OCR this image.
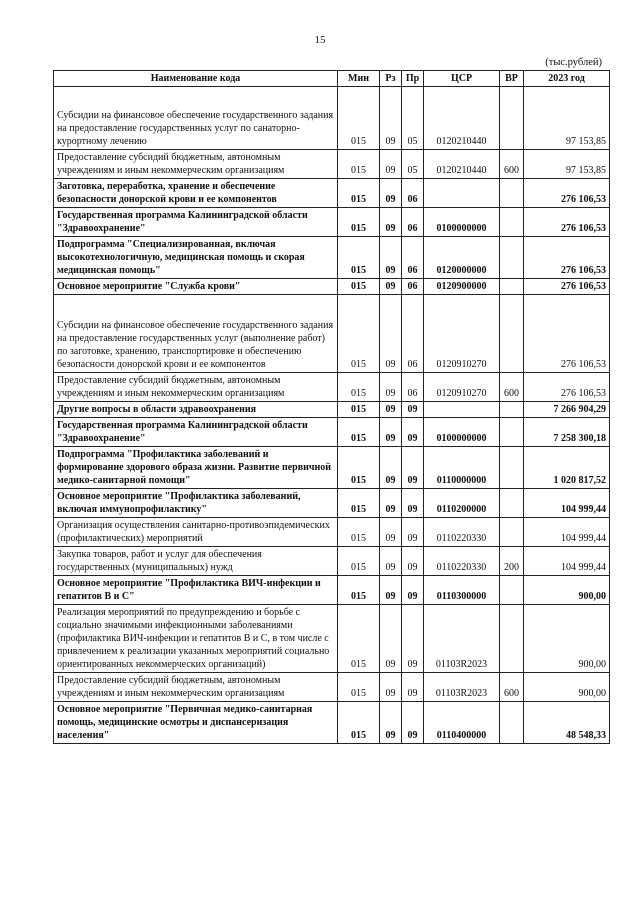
15
(тыс.рублей)
Наименование кода	Мин	Рз	Пр	ЦСР	ВР	2023 год
Субсидии на финансовое обеспечение государственного задания на предоставление государственных услуг по санаторно-курортному лечению	015	09	05	0120210440		97 153,85
Предоставление субсидий бюджетным, автономным учреждениям и иным некоммерческим организациям	015	09	05	0120210440	600	97 153,85
Заготовка, переработка, хранение и обеспечение безопасности донорской крови и ее компонентов	015	09	06			276 106,53
Государственная программа Калининградской области "Здравоохранение"	015	09	06	0100000000		276 106,53
Подпрограмма "Специализированная, включая высокотехнологичную, медицинская помощь и скорая медицинская помощь"	015	09	06	0120000000		276 106,53
Основное мероприятие "Служба крови"	015	09	06	0120900000		276 106,53
Субсидии на финансовое обеспечение государственного задания на предоставление государственных услуг (выполнение работ) по заготовке, хранению, транспортировке и обеспечению безопасности донорской крови и ее компонентов	015	09	06	0120910270		276 106,53
Предоставление субсидий бюджетным, автономным учреждениям и иным некоммерческим организациям	015	09	06	0120910270	600	276 106,53
Другие вопросы в области здравоохранения	015	09	09			7 266 904,29
Государственная программа Калининградской области "Здравоохранение"	015	09	09	0100000000		7 258 300,18
Подпрограмма "Профилактика заболеваний и формирование здорового образа жизни. Развитие первичной медико-санитарной помощи"	015	09	09	0110000000		1 020 817,52
Основное мероприятие "Профилактика заболеваний, включая иммунопрофилактику"	015	09	09	0110200000		104 999,44
Организация осуществления санитарно-противоэпидемических (профилактических) мероприятий	015	09	09	0110220330		104 999,44
Закупка товаров, работ и услуг для обеспечения государственных (муниципальных) нужд	015	09	09	0110220330	200	104 999,44
Основное мероприятие "Профилактика ВИЧ-инфекции и гепатитов В и С"	015	09	09	0110300000		900,00
Реализация мероприятий по предупреждению и борьбе с социально значимыми инфекционными заболеваниями (профилактика ВИЧ-инфекции и гепатитов В и С, в том числе с привлечением к реализации указанных мероприятий социально ориентированных некоммерческих организаций)	015	09	09	01103R2023		900,00
Предоставление субсидий бюджетным, автономным учреждениям и иным некоммерческим организациям	015	09	09	01103R2023	600	900,00
Основное мероприятие "Первичная медико-санитарная помощь, медицинские осмотры и диспансеризация населения"	015	09	09	0110400000		48 548,33
